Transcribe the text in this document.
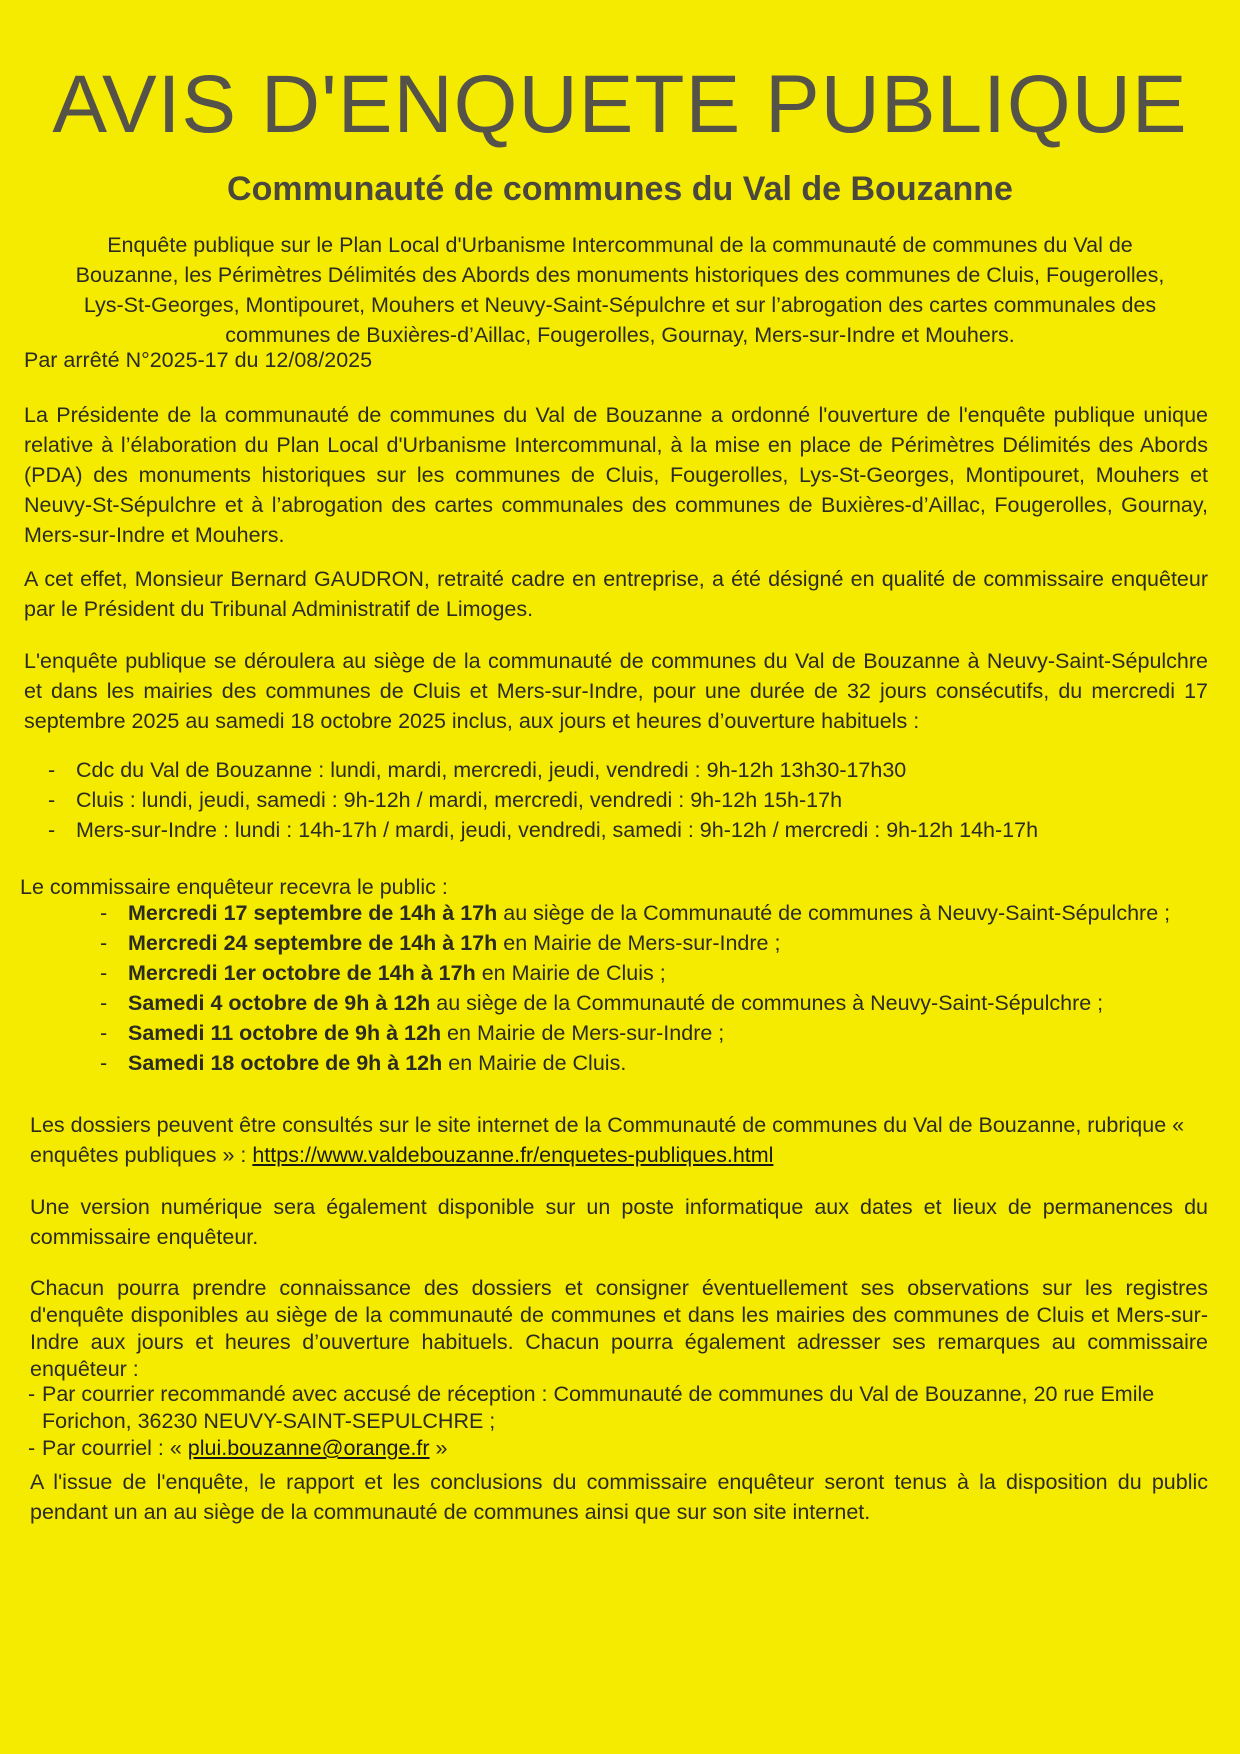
AVIS D'ENQUETE PUBLIQUE
Communauté de communes du Val de Bouzanne
Enquête publique sur le Plan Local d'Urbanisme Intercommunal de la communauté de communes du Val de Bouzanne, les Périmètres Délimités des Abords des monuments historiques des communes de Cluis, Fougerolles, Lys-St-Georges, Montipouret, Mouhers et Neuvy-Saint-Sépulchre et sur l’abrogation des cartes communales des communes de Buxières-d’Aillac, Fougerolles, Gournay, Mers-sur-Indre et Mouhers.
Par arrêté N°2025-17 du 12/08/2025
La Présidente de la communauté de communes du Val de Bouzanne a ordonné l'ouverture de l'enquête publique unique relative à l’élaboration du Plan Local d'Urbanisme Intercommunal, à la mise en place de Périmètres Délimités des Abords (PDA) des monuments historiques sur les communes de Cluis, Fougerolles, Lys-St-Georges, Montipouret, Mouhers et Neuvy-St-Sépulchre et à l’abrogation des cartes communales des communes de Buxières-d’Aillac, Fougerolles, Gournay, Mers-sur-Indre et Mouhers.
A cet effet, Monsieur Bernard GAUDRON, retraité cadre en entreprise, a été désigné en qualité de commissaire enquêteur par le Président du Tribunal Administratif de Limoges.
L'enquête publique se déroulera au siège de la communauté de communes du Val de Bouzanne à Neuvy-Saint-Sépulchre et dans les mairies des communes de Cluis et Mers-sur-Indre, pour une durée de 32 jours consécutifs, du mercredi 17 septembre 2025 au samedi 18 octobre 2025 inclus, aux jours et heures d’ouverture habituels :
- Cdc du Val de Bouzanne : lundi, mardi, mercredi, jeudi, vendredi : 9h-12h 13h30-17h30
- Cluis : lundi, jeudi, samedi : 9h-12h / mardi, mercredi, vendredi : 9h-12h 15h-17h
- Mers-sur-Indre : lundi : 14h-17h / mardi, jeudi, vendredi, samedi : 9h-12h / mercredi : 9h-12h 14h-17h
Le commissaire enquêteur recevra le public :
- Mercredi 17 septembre de 14h à 17h au siège de la Communauté de communes à Neuvy-Saint-Sépulchre ;
- Mercredi 24 septembre de 14h à 17h en Mairie de Mers-sur-Indre ;
- Mercredi 1er octobre de 14h à 17h en Mairie de Cluis ;
- Samedi 4 octobre de 9h à 12h au siège de la Communauté de communes à Neuvy-Saint-Sépulchre ;
- Samedi 11 octobre de 9h à 12h en Mairie de Mers-sur-Indre ;
- Samedi 18 octobre de 9h à 12h en Mairie de Cluis.
Les dossiers peuvent être consultés sur le site internet de la Communauté de communes du Val de Bouzanne, rubrique « enquêtes publiques » : https://www.valdebouzanne.fr/enquetes-publiques.html
Une version numérique sera également disponible sur un poste informatique aux dates et lieux de permanences du commissaire enquêteur.
Chacun pourra prendre connaissance des dossiers et consigner éventuellement ses observations sur les registres d'enquête disponibles au siège de la communauté de communes et dans les mairies des communes de Cluis et Mers-sur-Indre aux jours et heures d’ouverture habituels. Chacun pourra également adresser ses remarques au commissaire enquêteur :
- Par courrier recommandé avec accusé de réception : Communauté de communes du Val de Bouzanne, 20 rue Emile Forichon, 36230 NEUVY-SAINT-SEPULCHRE ;
- Par courriel : « plui.bouzanne@orange.fr »
A l'issue de l'enquête, le rapport et les conclusions du commissaire enquêteur seront tenus à la disposition du public pendant un an au siège de la communauté de communes ainsi que sur son site internet.
